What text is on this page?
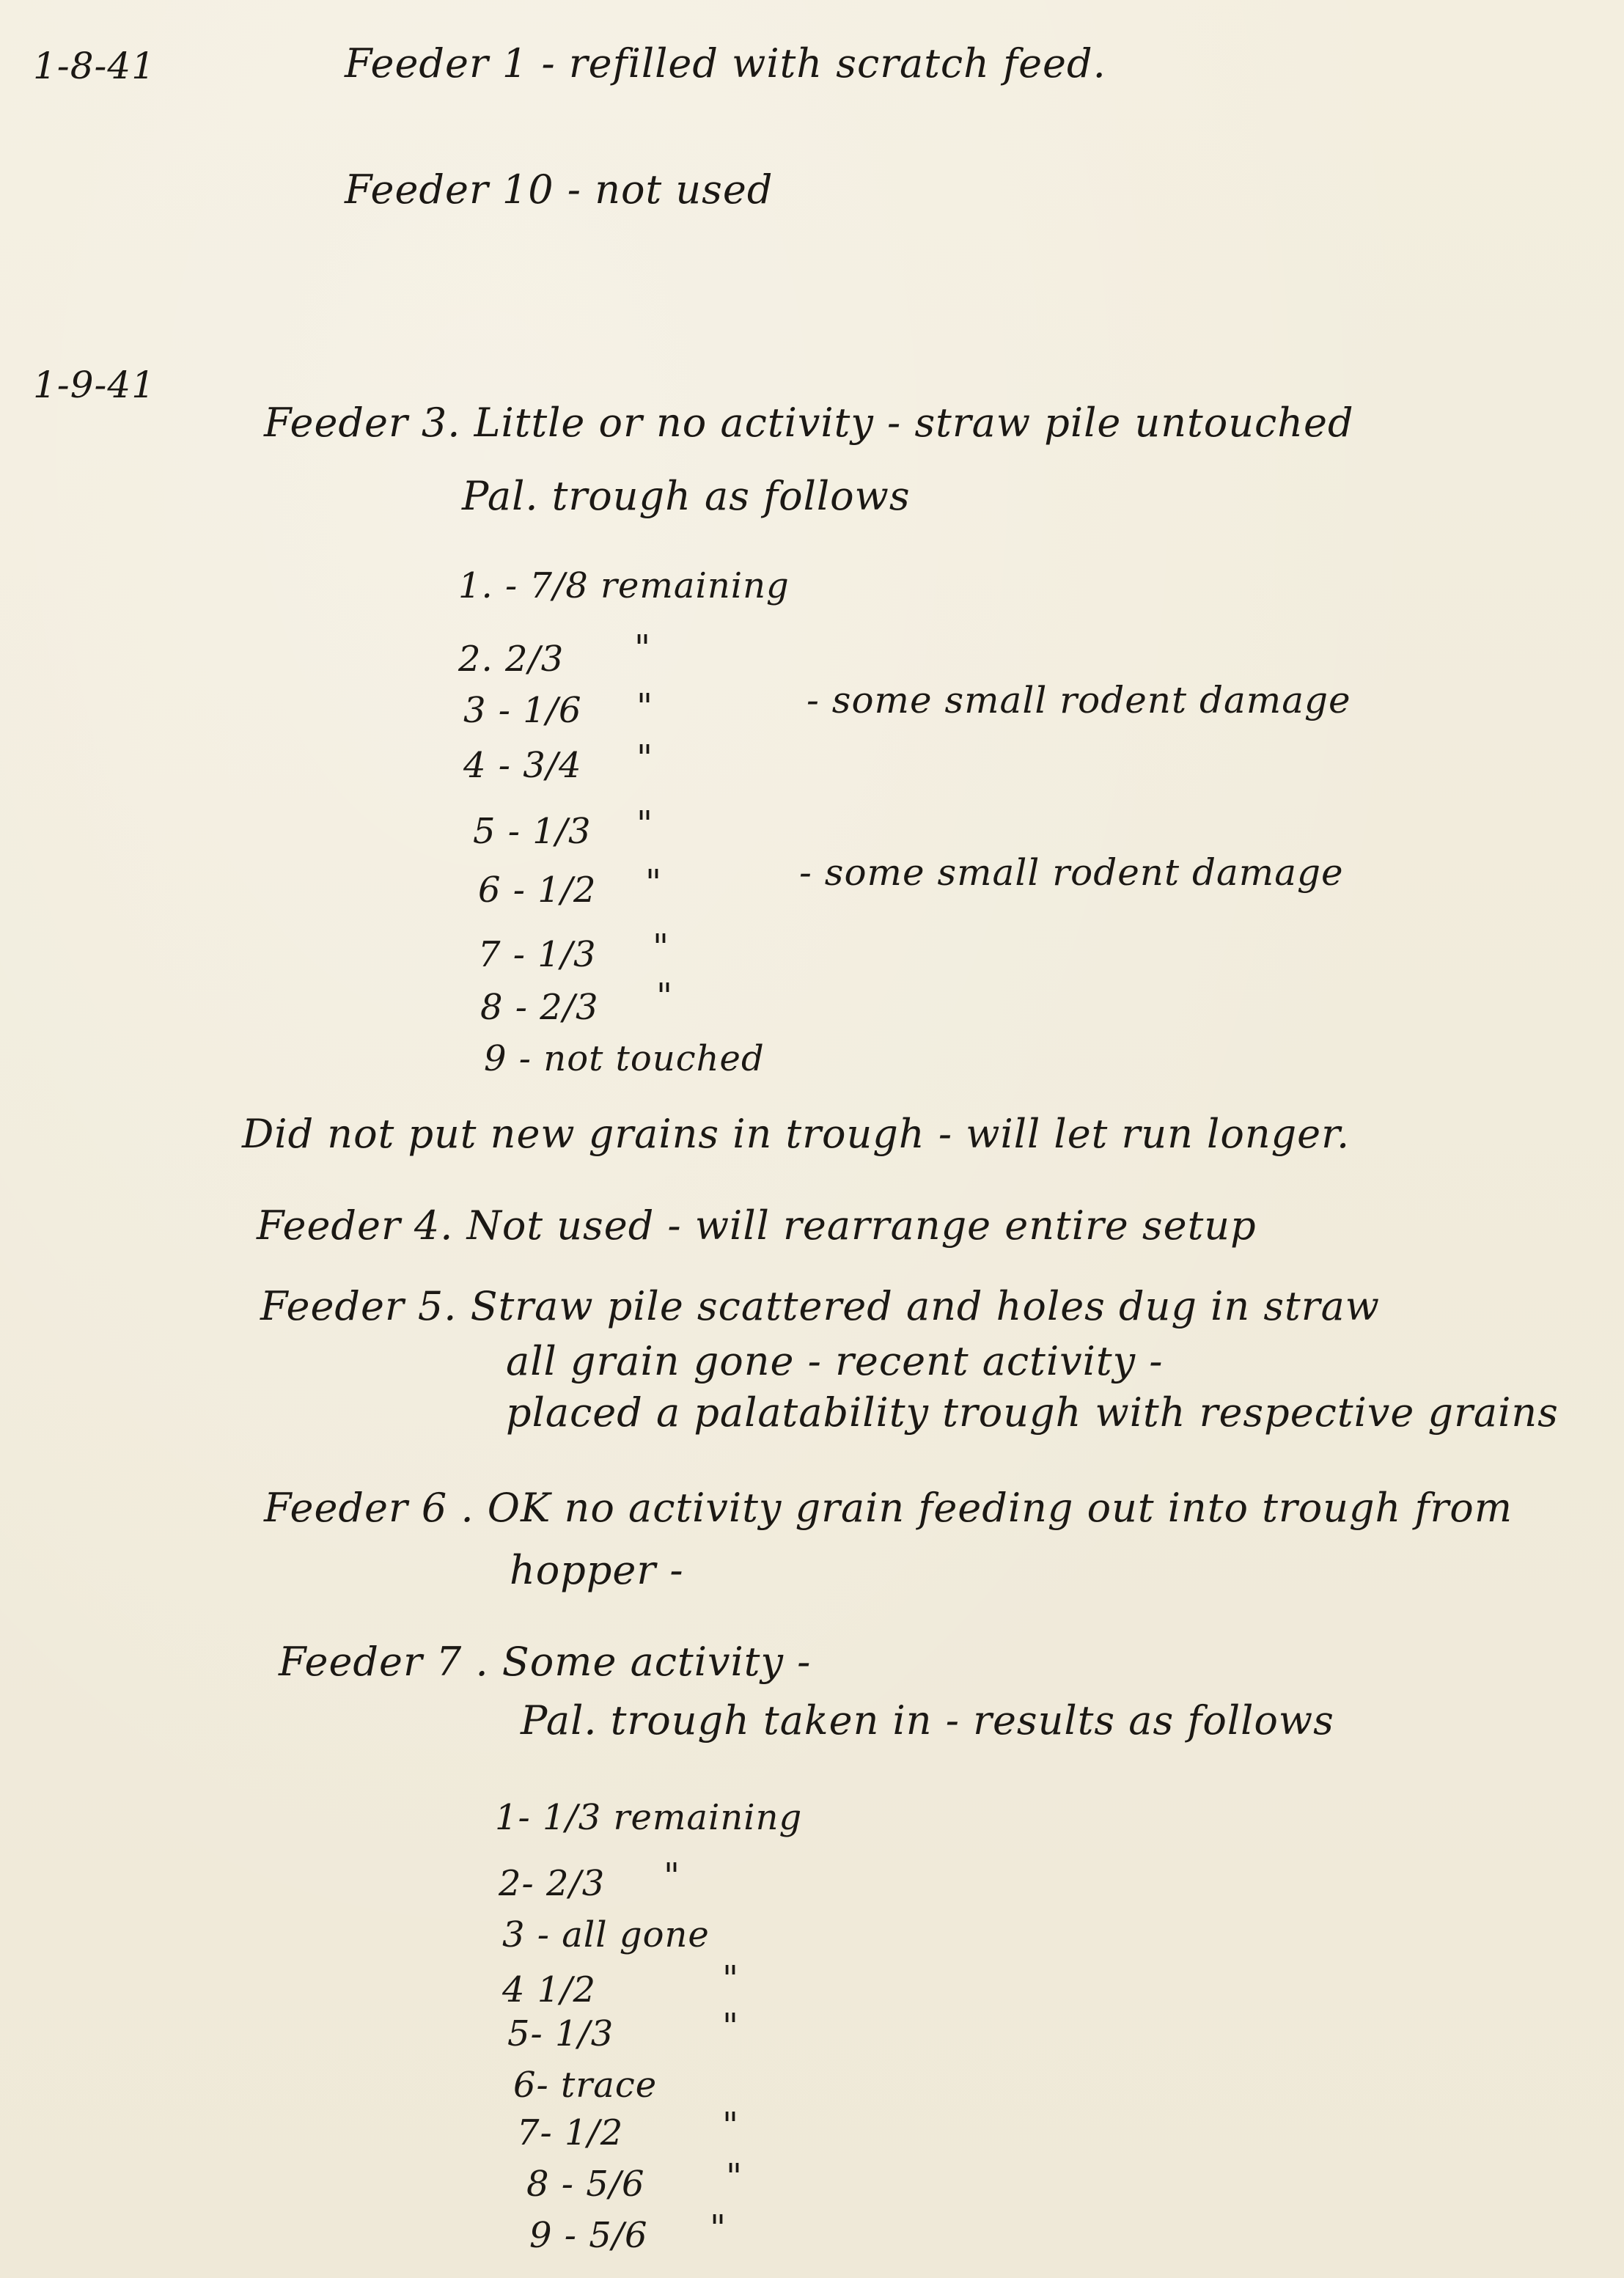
1-8-41	Feeder 1 - refilled with scratch feed.
Feeder 10 - not used
1-9-41
Feeder 3. Little or no activity - straw pile untouched
Pal. trough as follows
1. - 7/8 remaining
2. 2/3 "
3 - 1/6 "	- some small rodent damage
4 - 3/4 "
5 - 1/3 "
6 - 1/2 "	- some small rodent damage
7 - 1/3 "
8 - 2/3 "
9 - not touched
Did not put new grains in trough - will let run longer.
Feeder 4. Not used - will rearrange entire setup
Feeder 5. Straw pile scattered and holes dug in straw
all grain gone - recent activity -
placed a palatability trough with respective grains
Feeder 6 . OK no activity grain feeding out into trough from
hopper -
Feeder 7 . Some activity -
Pal. trough taken in - results as follows
1- 1/3 remaining
2- 2/3 "
3 - all gone
4 1/2	"
5- 1/3	"
6- trace
7- 1/2	"
8 - 5/6 "
9 - 5/6 "
